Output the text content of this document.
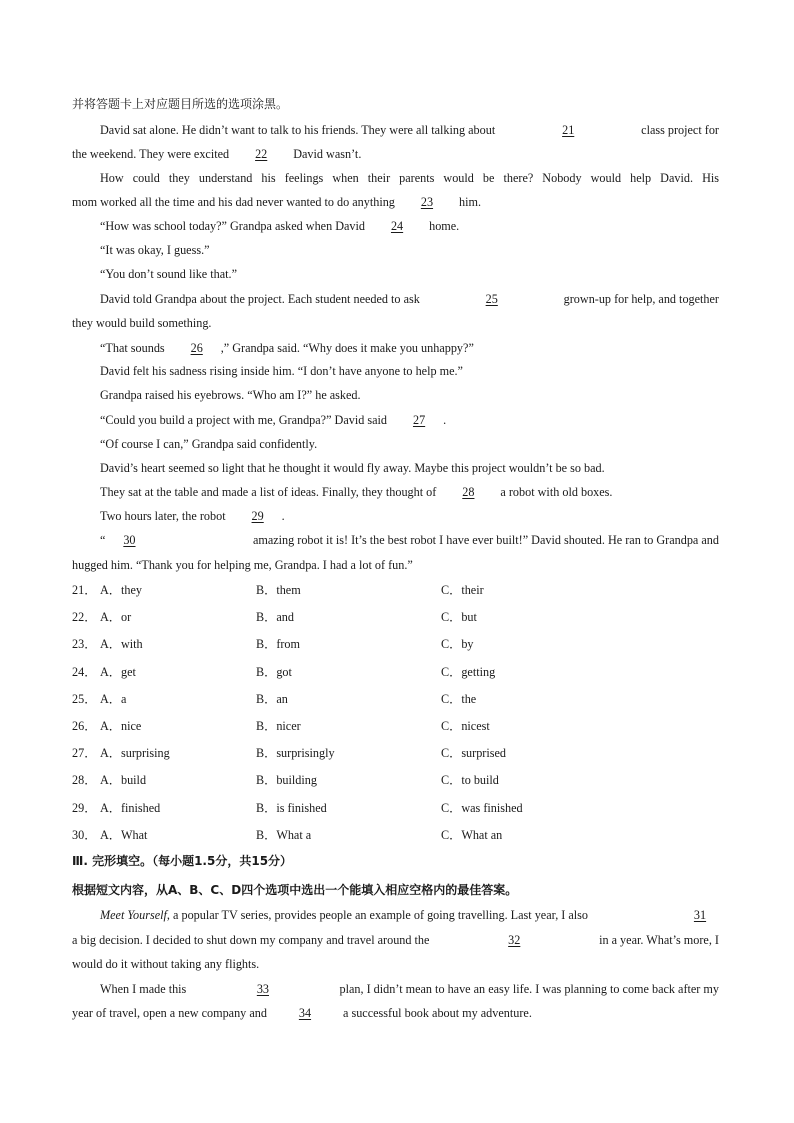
并将答题卡上对应题目所选的选项涂黑。
David sat alone. He didn’t want to talk to his friends. They were all talking about	21	class project for
the weekend. They were excited 22 David wasn’t.
How could they understand his feelings when their parents would be there? Nobody would help David. His
mom worked all the time and his dad never wanted to do anything 23 him.
“How was school today?” Grandpa asked when David 24 home.
“It was okay, I guess.”
“You don’t sound like that.”
David told Grandpa about the project. Each student needed to ask	25	grown-up for help, and together
they would build something.
“That sounds 26 ,” Grandpa said. “Why does it make you unhappy?”
David felt his sadness rising inside him. “I don’t have anyone to help me.”
Grandpa raised his eyebrows. “Who am I?” he asked.
“Could you build a project with me, Grandpa?” David said 27 .
“Of course I can,” Grandpa said confidently.
David’s heart seemed so light that he thought it would fly away. Maybe this project wouldn’t be so bad.
They sat at the table and made a list of ideas. Finally, they thought of 28 a robot with old boxes.
Two hours later, the robot 29 .
“ 30	amazing robot it is! It’s the best robot I have ever built!” David shouted. He ran to Grandpa and
hugged him. “Thank you for helping me, Grandpa. I had a lot of fun.”
21． A．they	B．them	C．their
22． A．or	B．and	C．but
23． A．with	B．from	C．by
24． A．get	B．got	C．getting
25． A．a	B．an	C．the
26． A．nice	B．nicer	C．nicest
27． A．surprising	B．surprisingly	C．surprised
28． A．build	B．building	C．to build
29． A．finished	B．is finished	C．was finished
30． A．What	B．What a	C．What an
Ⅲ. 完形填空。（每小题1.5分，共15分）
根据短文内容，从A、B、C、D四个选项中选出一个能填入相应空格内的最佳答案。
Meet Yourself, a popular TV series, provides people an example of going travelling. Last year, I also	31
a big decision. I decided to shut down my company and travel around the	32	in a year. What’s more, I
would do it without taking any flights.
When I made this	33	plan, I didn’t mean to have an easy life. I was planning to come back after my
year of travel, open a new company and	34	a successful book about my adventure.
